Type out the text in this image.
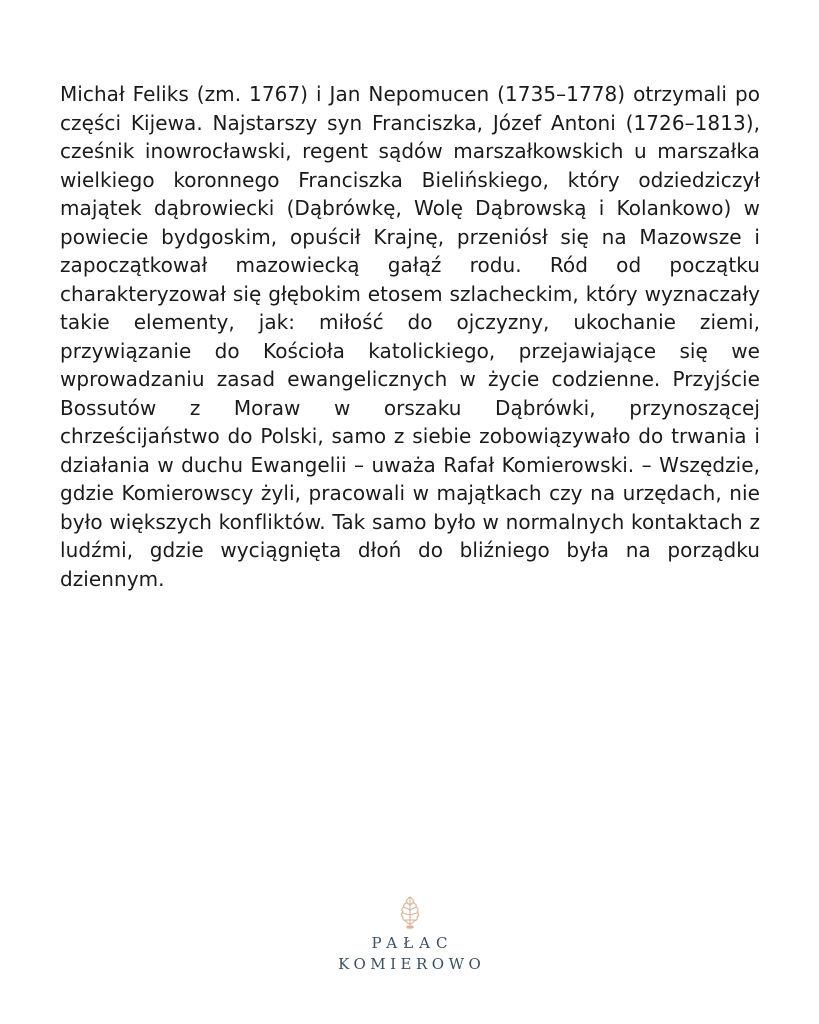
Michał Feliks (zm. 1767) i Jan Nepomucen (1735–1778) otrzymali po części Kijewa. Najstarszy syn Franciszka, Józef Antoni (1726–1813), cześnik inowrocławski, regent sądów marszałkowskich u marszałka wielkiego koronnego Franciszka Bielińskiego, który odziedziczył majątek dąbrowiecki (Dąbrówkę, Wolę Dąbrowską i Kolankowo) w powiecie bydgoskim, opuścił Krajnę, przeniósł się na Mazowsze i zapoczątkował mazowiecką gałąź rodu. Ród od początku charakteryzował się głębokim etosem szlacheckim, który wyznaczały takie elementy, jak: miłość do ojczyzny, ukochanie ziemi, przywiązanie do Kościoła katolickiego, przejawiające się we wprowadzaniu zasad ewangelicznych w życie codzienne. Przyjście Bossutów z Moraw w orszaku Dąbrówki, przynoszącej chrześcijaństwo do Polski, samo z siebie zobowiązywało do trwania i działania w duchu Ewangelii – uważa Rafał Komierowski. – Wszędzie, gdzie Komierowscy żyli, pracowali w majątkach czy na urzędach, nie było większych konfliktów. Tak samo było w normalnych kontaktach z ludźmi, gdzie wyciągnięta dłoń do bliźniego była na porządku dziennym.

PAŁAC
KOMIEROWO
